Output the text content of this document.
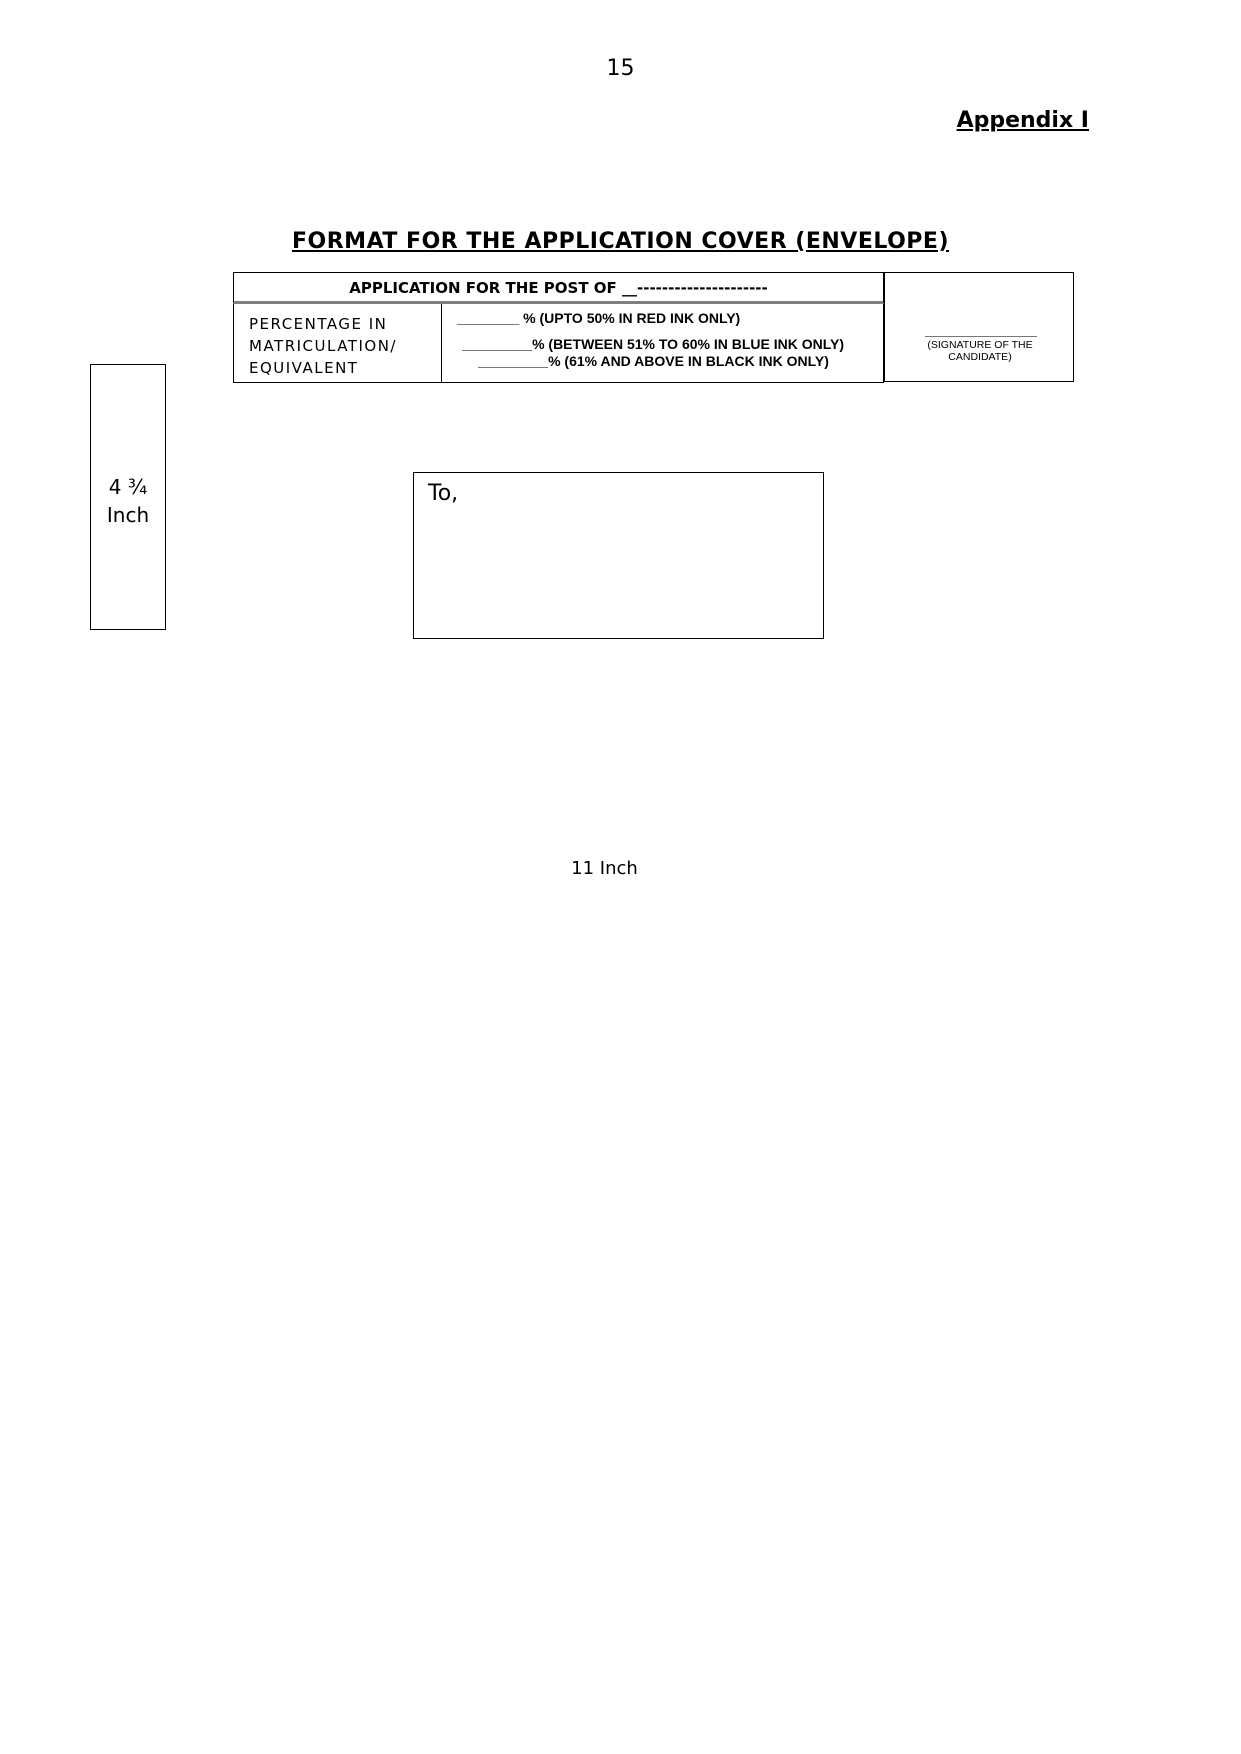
15
Appendix I
FORMAT FOR THE APPLICATION COVER (ENVELOPE)
APPLICATION FOR THE POST OF __---------------------
PERCENTAGE IN
MATRICULATION/
EQUIVALENT
________ % (UPTO 50% IN RED INK ONLY)
_________% (BETWEEN 51% TO 60% IN BLUE INK ONLY)
_________% (61% AND ABOVE IN BLACK INK ONLY)
(SIGNATURE OF THE
CANDIDATE)
4 ¾
Inch
To,
11 Inch
